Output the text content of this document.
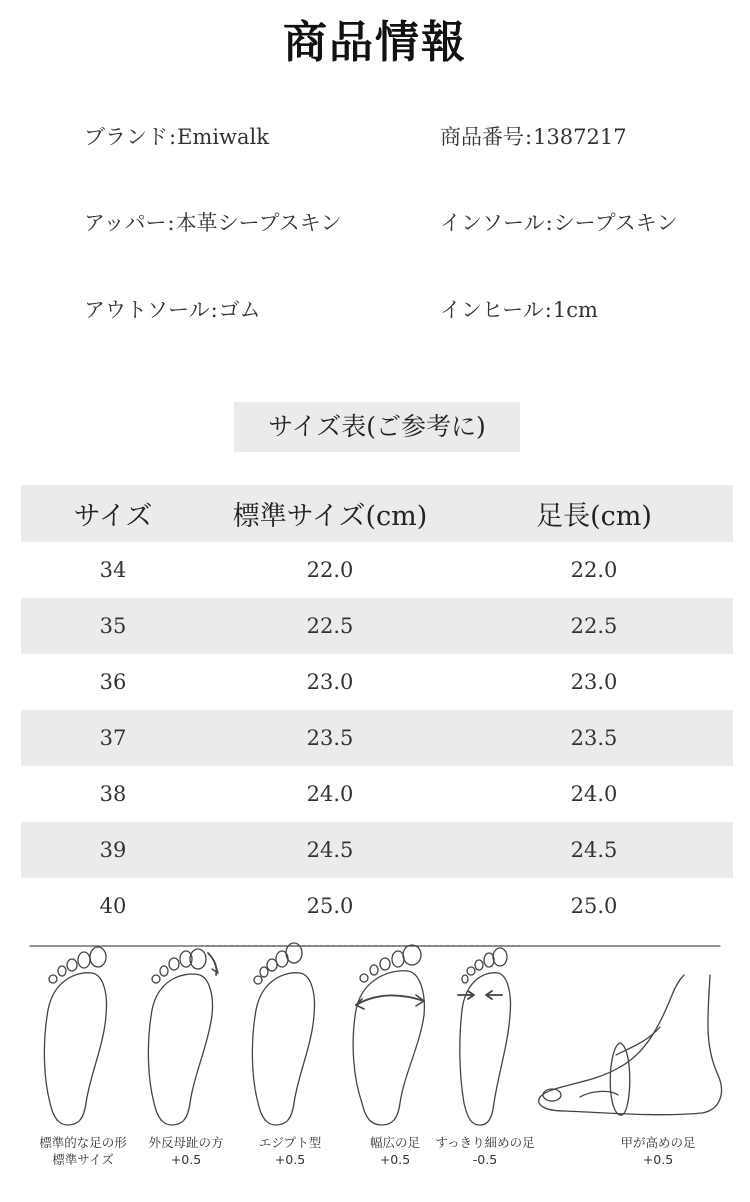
商品情報
ブランド:Emiwalk	商品番号:1387217
アッパー:本革シープスキン	インソール:シープスキン
アウトソール:ゴム	インヒール:1cm
サイズ表(ご参考に)
サイズ	標準サイズ(cm)	足長(cm)
34	22.0	22.0
35	22.5	22.5
36	23.0	23.0
37	23.5	23.5
38	24.0	24.0
39	24.5	24.5
40	25.0	25.0
標準的な足の形
標準サイズ
外反母趾の方
+0.5
エジプト型
+0.5
幅広の足
+0.5
すっきり細めの足
-0.5
甲が高めの足
+0.5
